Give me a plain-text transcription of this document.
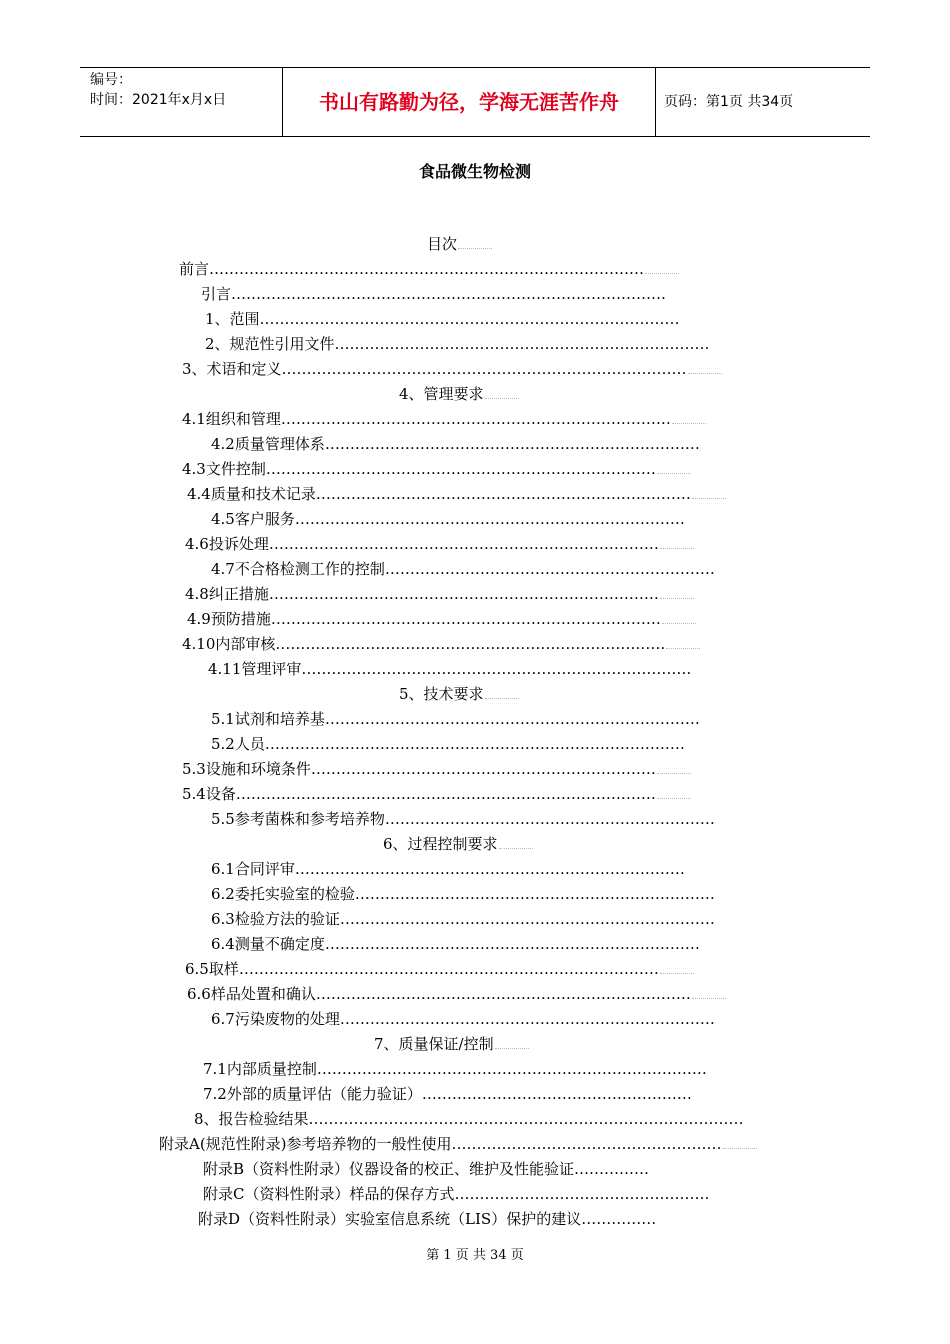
编号：
时间：2021年x月x日	书山有路勤为径，学海无涯苦作舟	页码：第1页 共34页
食品微生物检测
目次
前言……………………………………………………………………………
引言……………………………………………………………………………
1、范围…………………………………………………………………………
2、规范性引用文件…………………………………………………………………
3、术语和定义………………………………………………………………………
4、管理要求
4.1组织和管理……………………………………………………………………
4.2质量管理体系…………………………………………………………………
4.3文件控制……………………………………………………………………
4.4质量和技术记录…………………………………………………………………
4.5客户服务……………………………………………………………………
4.6投诉处理……………………………………………………………………
4.7不合格检测工作的控制…………………………………………………………
4.8纠正措施……………………………………………………………………
4.9预防措施……………………………………………………………………
4.10内部审核……………………………………………………………………
4.11管理评审……………………………………………………………………
5、技术要求
5.1试剂和培养基…………………………………………………………………
5.2人员…………………………………………………………………………
5.3设施和环境条件……………………………………………………………
5.4设备…………………………………………………………………………
5.5参考菌株和参考培养物…………………………………………………………
6、过程控制要求
6.1合同评审……………………………………………………………………
6.2委托实验室的检验………………………………………………………………
6.3检验方法的验证…………………………………………………………………
6.4测量不确定度…………………………………………………………………
6.5取样…………………………………………………………………………
6.6样品处置和确认…………………………………………………………………
6.7污染废物的处理…………………………………………………………………
7、质量保证/控制
7.1内部质量控制……………………………………………………………………
7.2外部的质量评估（能力验证）………………………………………………
8、报告检验结果……………………………………………………………………………
附录A(规范性附录)参考培养物的一般性使用………………………………………………
附录B（资料性附录）仪器设备的校正、维护及性能验证……………
附录C（资料性附录）样品的保存方式……………………………………………
附录D（资料性附录）实验室信息系统（LIS）保护的建议……………
第 1 页 共 34 页
